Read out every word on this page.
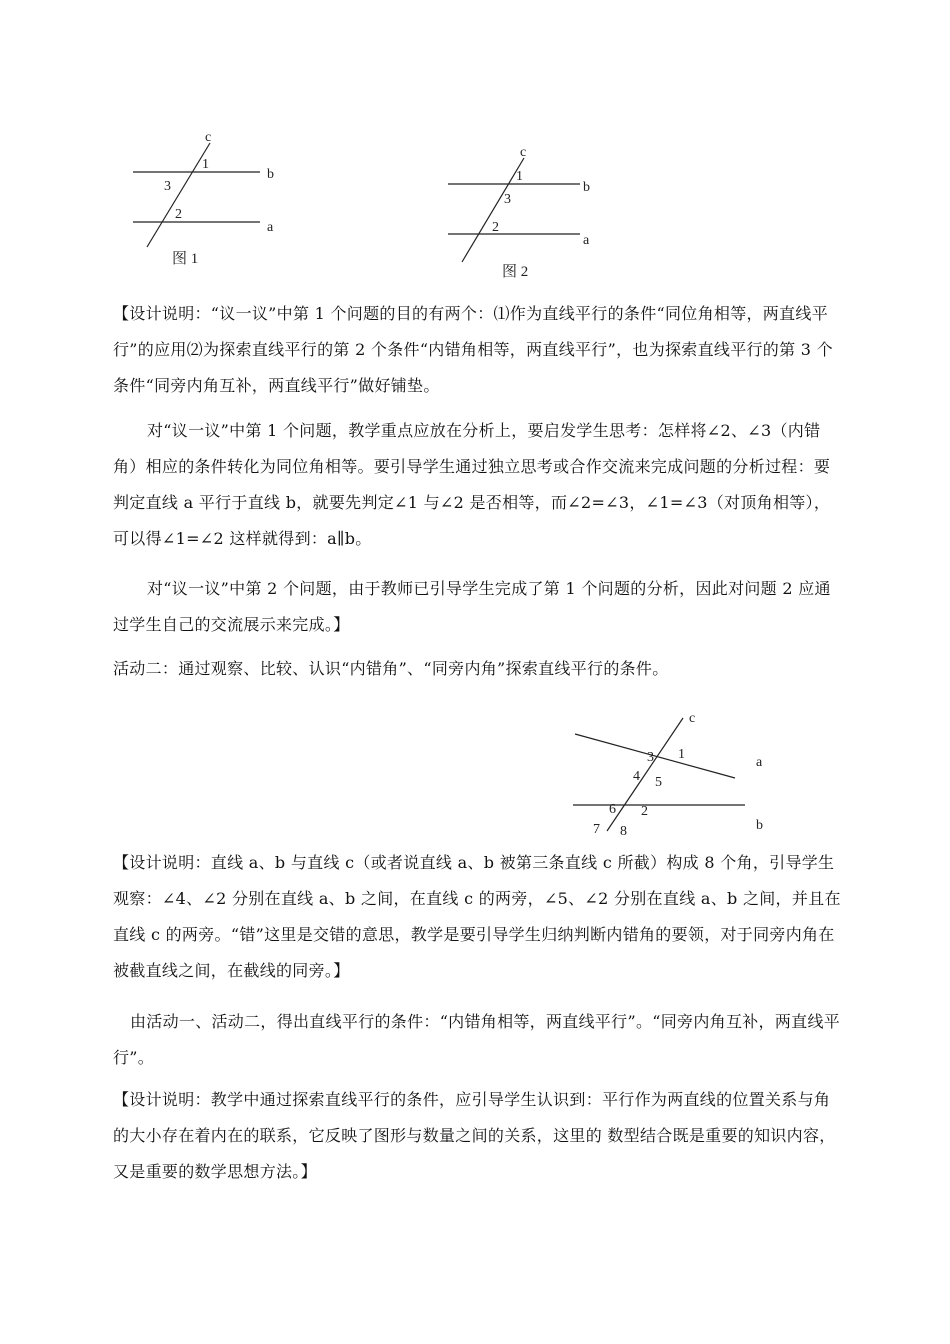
c
b
a
1
3
2
图 1
c
b
a
1
3
2
图 2

【设计说明：“议一议”中第 1 个问题的目的有两个：⑴作为直线平行的条件“同位角相等，两直线平行”的应用⑵为探索直线平行的第 2 个条件“内错角相等，两直线平行”，也为探索直线平行的第 3 个条件“同旁内角互补，两直线平行”做好铺垫。

对“议一议”中第 1 个问题，教学重点应放在分析上，要启发学生思考：怎样将∠2、∠3（内错角）相应的条件转化为同位角相等。要引导学生通过独立思考或合作交流来完成问题的分析过程：要判定直线 a 平行于直线 b，就要先判定∠1 与∠2 是否相等，而∠2=∠3，∠1=∠3（对顶角相等），可以得∠1=∠2 这样就得到：a∥b。

对“议一议”中第 2 个问题，由于教师已引导学生完成了第 1 个问题的分析，因此对问题 2 应通过学生自己的交流展示来完成。】

活动二：通过观察、比较、认识“内错角”、“同旁内角”探索直线平行的条件。

c
a
b
1
2
3
4 5
6
7 8

【设计说明：直线 a、b 与直线 c（或者说直线 a、b 被第三条直线 c 所截）构成 8 个角，引导学生观察：∠4、∠2 分别在直线 a、b 之间，在直线 c 的两旁，∠5、∠2 分别在直线 a、b 之间，并且在直线 c 的两旁。“错”这里是交错的意思，教学是要引导学生归纳判断内错角的要领，对于同旁内角在被截直线之间，在截线的同旁。】

由活动一、活动二，得出直线平行的条件：“内错角相等，两直线平行”。“同旁内角互补，两直线平行”。

【设计说明：教学中通过探索直线平行的条件，应引导学生认识到：平行作为两直线的位置关系与角的大小存在着内在的联系，它反映了图形与数量之间的关系，这里的 数型结合既是重要的知识内容，又是重要的数学思想方法。】
